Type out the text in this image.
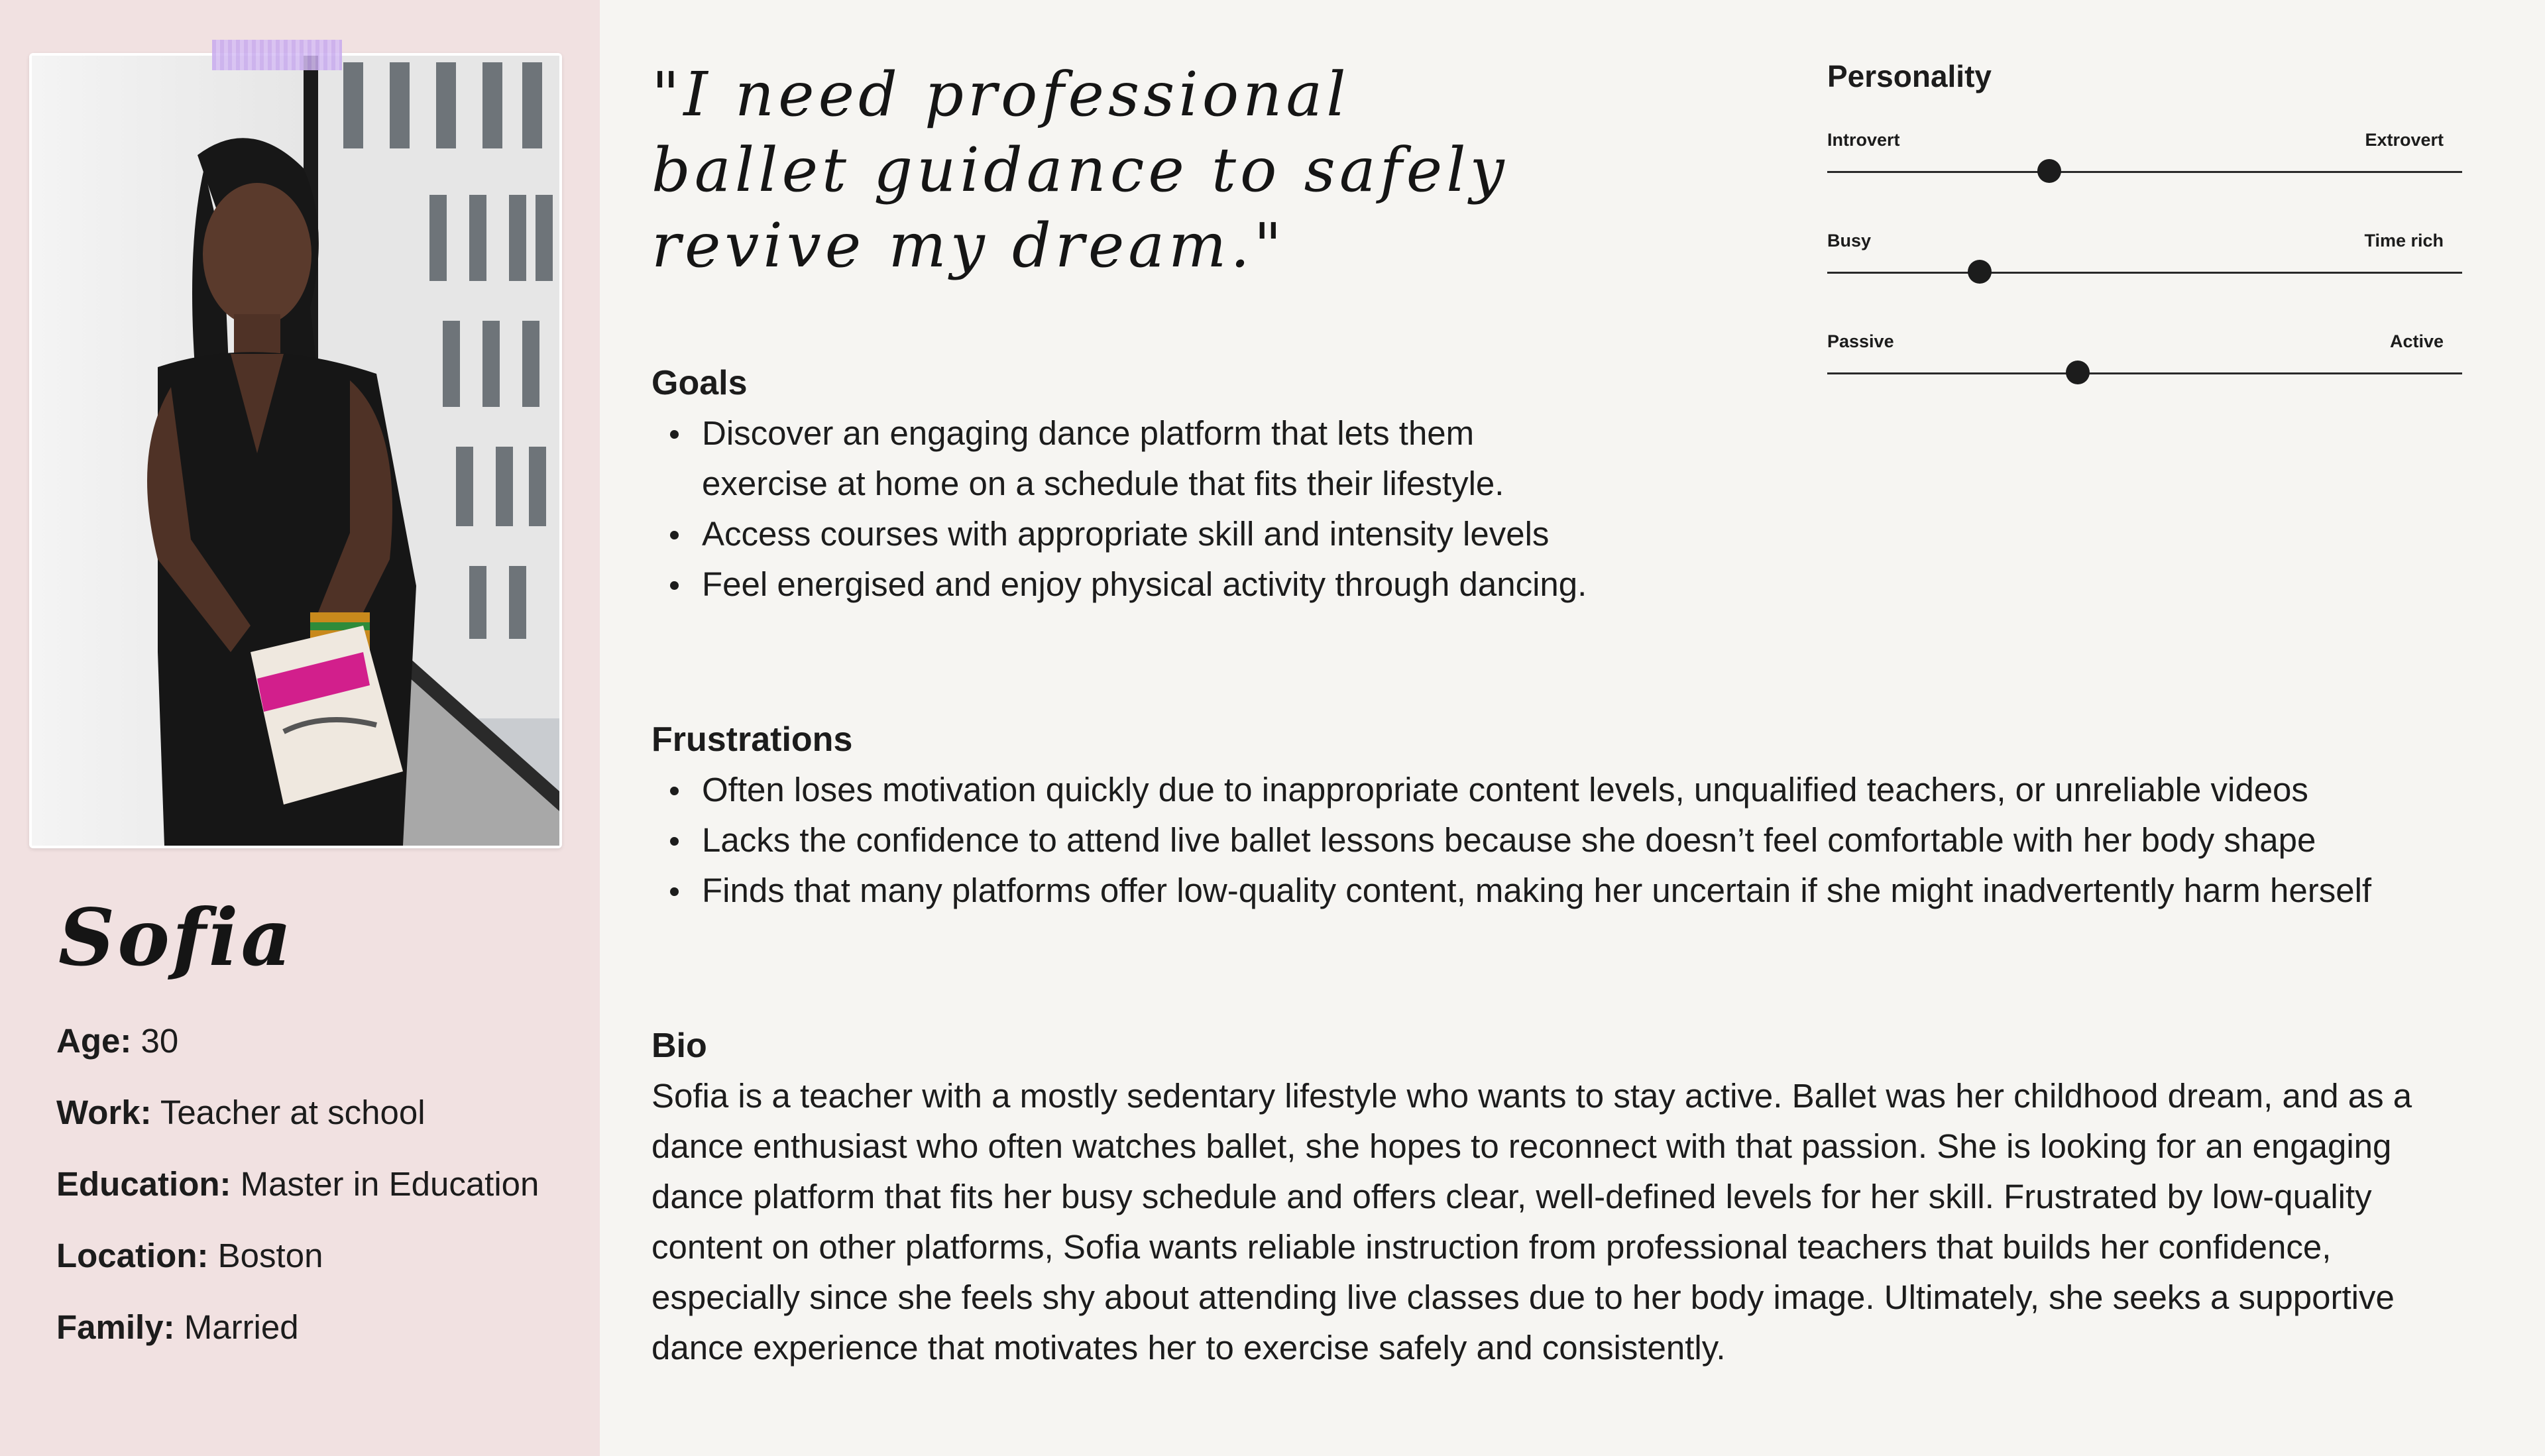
Sofia
Age: 30
Work: Teacher at school
Education: Master in Education
Location: Boston
Family: Married
"I need professional ballet guidance to safely revive my dream."
Goals
Discover an engaging dance platform that lets them
exercise at home on a schedule that fits their lifestyle.
Access courses with appropriate skill and intensity levels
Feel energised and enjoy physical activity through dancing.
Frustrations
Often loses motivation quickly due to inappropriate content levels, unqualified teachers, or unreliable videos
Lacks the confidence to attend live ballet lessons because she doesn’t feel comfortable with her body shape
Finds that many platforms offer low-quality content, making her uncertain if she might inadvertently harm herself
Bio
Sofia is a teacher with a mostly sedentary lifestyle who wants to stay active. Ballet was her childhood dream, and as a dance enthusiast who often watches ballet, she hopes to reconnect with that passion. She is looking for an engaging dance platform that fits her busy schedule and offers clear, well-defined levels for her skill. Frustrated by low-quality content on other platforms, Sofia wants reliable instruction from professional teachers that builds her confidence, especially since she feels shy about attending live classes due to her body image. Ultimately, she seeks a supportive dance experience that motivates her to exercise safely and consistently.
Personality
Introvert	Extrovert
Busy	Time rich
Passive	Active
